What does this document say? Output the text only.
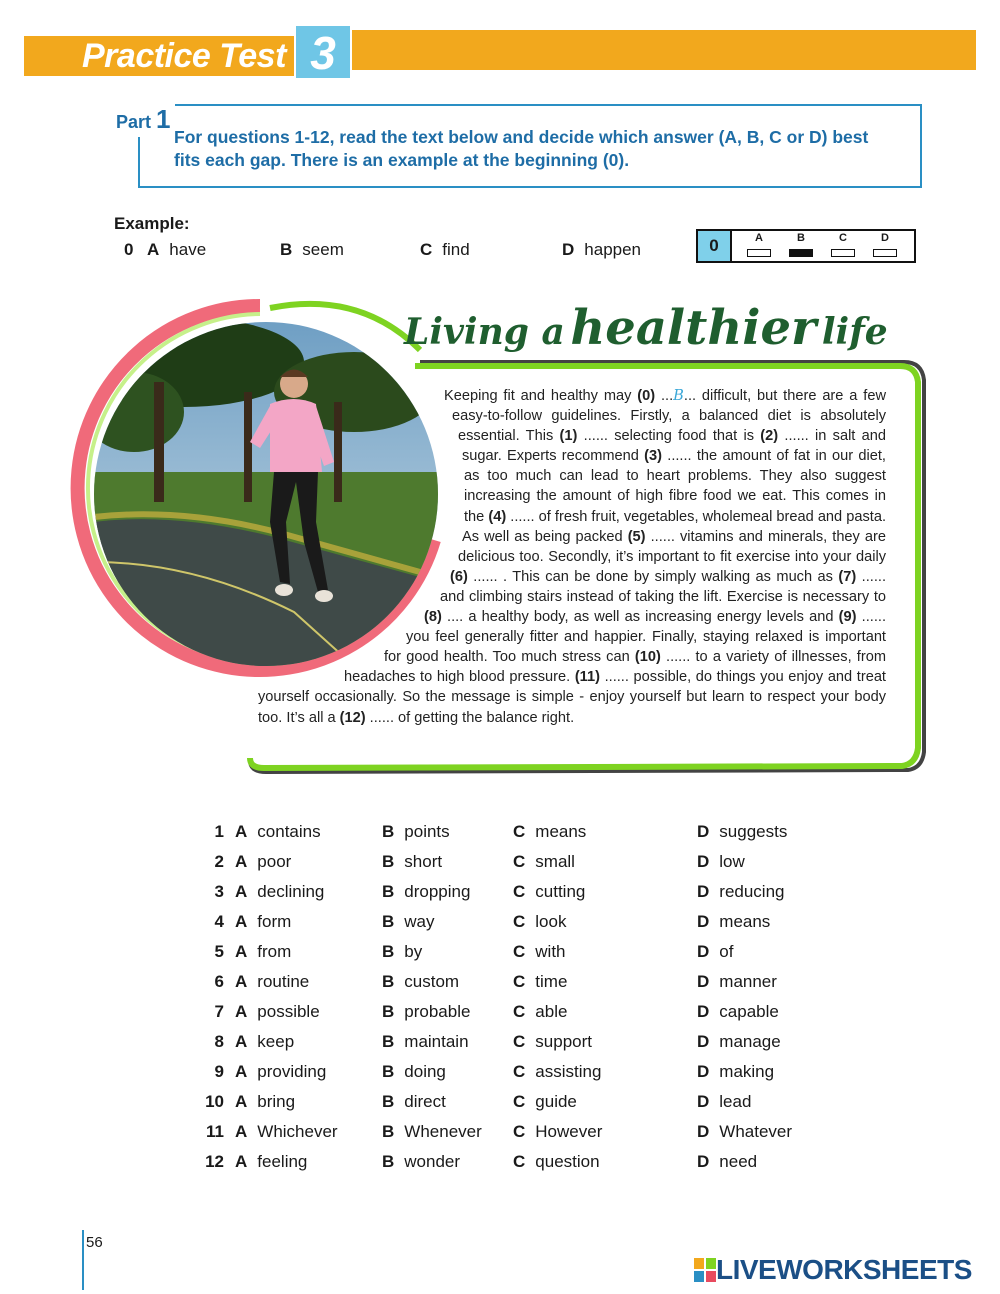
Practice Test 3
Part 1
For questions 1-12, read the text below and decide which answer (A, B, C or D) best fits each gap. There is an example at the beginning (0).
Example:
0 A have	B seem	C find	D happen	0	A	B	C	D
Living a healthier life
Keeping fit and healthy may (0) ...B... difficult, but there are a few easy-to-follow guidelines. Firstly, a balanced diet is absolutely essential. This (1) ...... selecting food that is (2) ...... in salt and sugar. Experts recommend (3) ...... the amount of fat in our diet, as too much can lead to heart problems. They also suggest increasing the amount of high fibre food we eat. This comes in the (4) ...... of fresh fruit, vegetables, wholemeal bread and pasta. As well as being packed (5) ...... vitamins and minerals, they are delicious too. Secondly, it’s important to fit exercise into your daily (6) ...... . This can be done by simply walking as much as (7) ...... and climbing stairs instead of taking the lift. Exercise is necessary to (8) .... a healthy body, as well as increasing energy levels and (9) ...... you feel generally fitter and happier. Finally, staying relaxed is important for good health. Too much stress can (10) ...... to a variety of illnesses, from headaches to high blood pressure. (11) ...... possible, do things you enjoy and treat yourself occasionally. So the message is simple - enjoy yourself but learn to respect your body too. It’s all a (12) ...... of getting the balance right.
1 A contains	B points	C means	D suggests
2 A poor	B short	C small	D low
3 A declining	B dropping	C cutting	D reducing
4 A form	B way	C look	D means
5 A from	B by	C with	D of
6 A routine	B custom	C time	D manner
7 A possible	B probable	C able	D capable
8 A keep	B maintain	C support	D manage
9 A providing	B doing	C assisting	D making
10 A bring	B direct	C guide	D lead
11 A Whichever	B Whenever C However	D Whatever
12 A feeling	B wonder	C question	D need
56
LIVEWORKSHEETS
